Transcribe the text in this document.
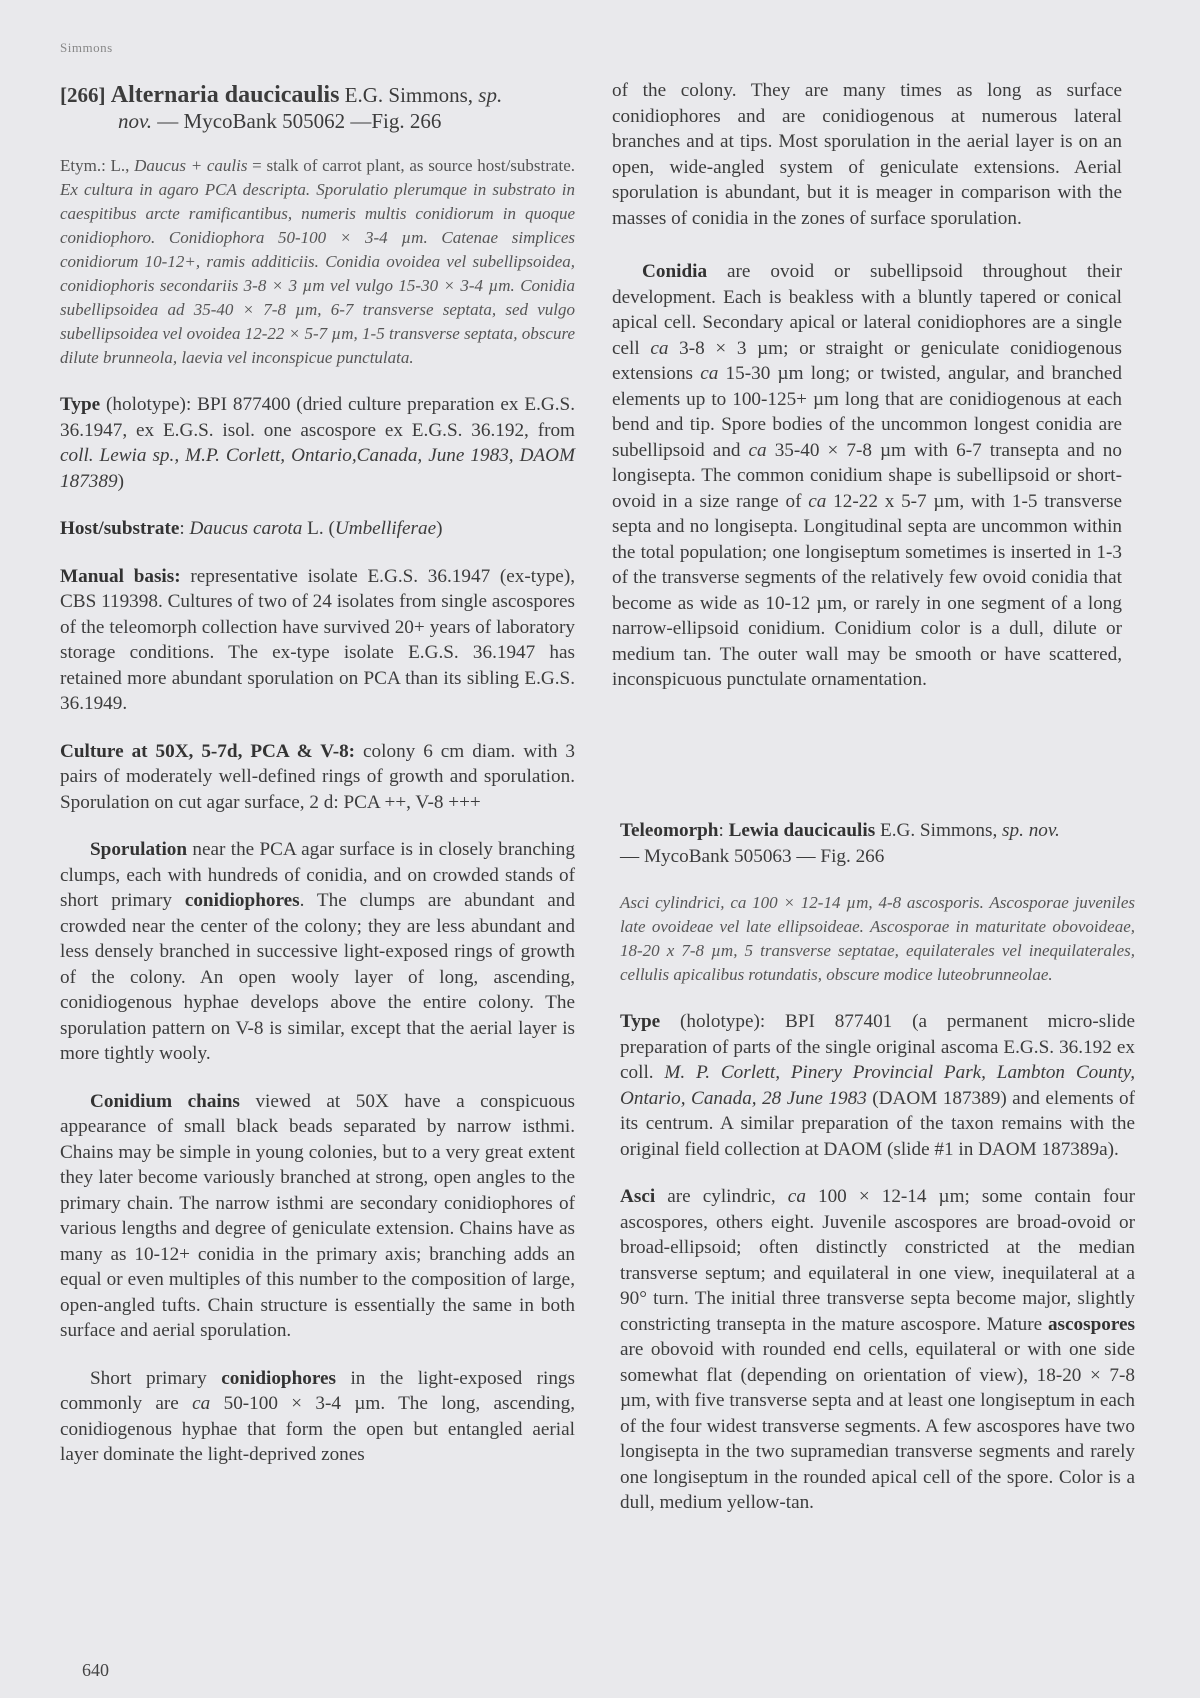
Simmons

[266] Alternaria daucicaulis E.G. Simmons, sp.
nov. — MycoBank 505062 —Fig. 266

Etym.: L., Daucus + caulis = stalk of carrot plant, as source host/substrate. Ex cultura in agaro PCA descripta. Sporulatio plerumque in substrato in caespitibus arcte ramificantibus, numeris multis conidiorum in quoque conidiophoro. Conidiophora 50-100 × 3-4 µm. Catenae simplices conidiorum 10-12+, ramis additiciis. Conidia ovoidea vel subellipsoidea, conidiophoris secondariis 3-8 × 3 µm vel vulgo 15-30 × 3-4 µm. Conidia subellipsoidea ad 35-40 × 7-8 µm, 6-7 transverse septata, sed vulgo subellipsoidea vel ovoidea 12-22 × 5-7 µm, 1-5 transverse septata, obscure dilute brunneola, laevia vel inconspicue punctulata.

Type (holotype): BPI 877400 (dried culture preparation ex E.G.S. 36.1947, ex E.G.S. isol. one ascospore ex E.G.S. 36.192, from coll. Lewia sp., M.P. Corlett, Ontario,Canada, June 1983, DAOM 187389)

Host/substrate: Daucus carota L. (Umbelliferae)

Manual basis: representative isolate E.G.S. 36.1947 (ex-type), CBS 119398. Cultures of two of 24 isolates from single ascospores of the teleomorph collection have survived 20+ years of laboratory storage conditions. The ex-type isolate E.G.S. 36.1947 has retained more abundant sporulation on PCA than its sibling E.G.S. 36.1949.

Culture at 50X, 5-7d, PCA & V-8: colony 6 cm diam. with 3 pairs of moderately well-defined rings of growth and sporulation. Sporulation on cut agar surface, 2 d: PCA ++, V-8 +++

Sporulation near the PCA agar surface is in closely branching clumps, each with hundreds of conidia, and on crowded stands of short primary conidiophores. The clumps are abundant and crowded near the center of the colony; they are less abundant and less densely branched in successive light-exposed rings of growth of the colony. An open wooly layer of long, ascending, conidiogenous hyphae develops above the entire colony. The sporulation pattern on V-8 is similar, except that the aerial layer is more tightly wooly.

Conidium chains viewed at 50X have a conspicuous appearance of small black beads separated by narrow isthmi. Chains may be simple in young colonies, but to a very great extent they later become variously branched at strong, open angles to the primary chain. The narrow isthmi are secondary conidiophores of various lengths and degree of geniculate extension. Chains have as many as 10-12+ conidia in the primary axis; branching adds an equal or even multiples of this number to the composition of large, open-angled tufts. Chain structure is essentially the same in both surface and aerial sporulation.

Short primary conidiophores in the light-exposed rings commonly are ca 50-100 × 3-4 µm. The long, ascending, conidiogenous hyphae that form the open but entangled aerial layer dominate the light-deprived zones

of the colony. They are many times as long as surface conidiophores and are conidiogenous at numerous lateral branches and at tips. Most sporulation in the aerial layer is on an open, wide-angled system of geniculate extensions. Aerial sporulation is abundant, but it is meager in comparison with the masses of conidia in the zones of surface sporulation.

Conidia are ovoid or subellipsoid throughout their development. Each is beakless with a bluntly tapered or conical apical cell. Secondary apical or lateral conidiophores are a single cell ca 3-8 × 3 µm; or straight or geniculate conidiogenous extensions ca 15-30 µm long; or twisted, angular, and branched elements up to 100-125+ µm long that are conidiogenous at each bend and tip. Spore bodies of the uncommon longest conidia are subellipsoid and ca 35-40 × 7-8 µm with 6-7 transepta and no longisepta. The common conidium shape is subellipsoid or short-ovoid in a size range of ca 12-22 x 5-7 µm, with 1-5 transverse septa and no longisepta. Longitudinal septa are uncommon within the total population; one longiseptum sometimes is inserted in 1-3 of the transverse segments of the relatively few ovoid conidia that become as wide as 10-12 µm, or rarely in one segment of a long narrow-ellipsoid conidium. Conidium color is a dull, dilute or medium tan. The outer wall may be smooth or have scattered, inconspicuous punctulate ornamentation.

Teleomorph: Lewia daucicaulis E.G. Simmons, sp. nov.
— MycoBank 505063 — Fig. 266

Asci cylindrici, ca 100 × 12-14 µm, 4-8 ascosporis. Ascosporae juveniles late ovoideae vel late ellipsoideae. Ascosporae in maturitate obovoideae, 18-20 x 7-8 µm, 5 transverse septatae, equilaterales vel inequilaterales, cellulis apicalibus rotundatis, obscure modice luteobrunneolae.

Type (holotype): BPI 877401 (a permanent micro-slide preparation of parts of the single original ascoma E.G.S. 36.192 ex coll. M. P. Corlett, Pinery Provincial Park, Lambton County, Ontario, Canada, 28 June 1983 (DAOM 187389) and elements of its centrum. A similar preparation of the taxon remains with the original field collection at DAOM (slide #1 in DAOM 187389a).

Asci are cylindric, ca 100 × 12-14 µm; some contain four ascospores, others eight. Juvenile ascospores are broad-ovoid or broad-ellipsoid; often distinctly constricted at the median transverse septum; and equilateral in one view, inequilateral at a 90° turn. The initial three transverse septa become major, slightly constricting transepta in the mature ascospore. Mature ascospores are obovoid with rounded end cells, equilateral or with one side somewhat flat (depending on orientation of view), 18-20 × 7-8 µm, with five transverse septa and at least one longiseptum in each of the four widest transverse segments. A few ascospores have two longisepta in the two supramedian transverse segments and rarely one longiseptum in the rounded apical cell of the spore. Color is a dull, medium yellow-tan.

640
